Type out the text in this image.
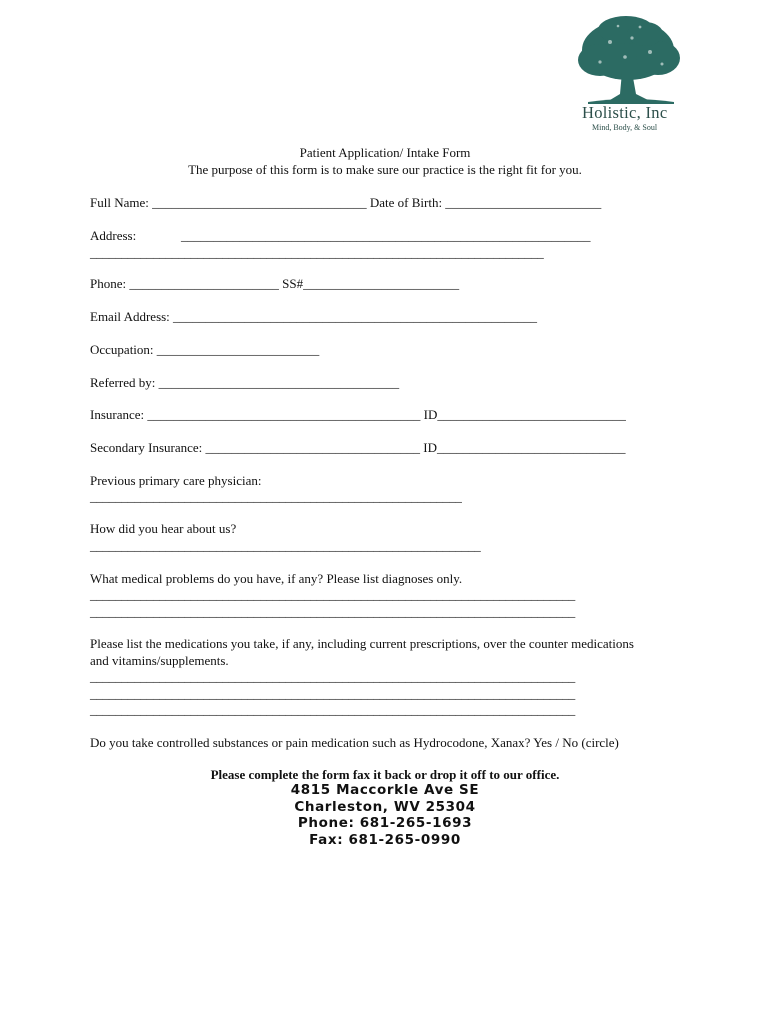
Holistic, Inc
Mind, Body, & Soul
Patient Application/ Intake Form
The purpose of this form is to make sure our practice is the right fit for you.
Full Name: _________________________________ Date of Birth: ________________________
Address:	_______________________________________________________________
________________________________________________________________________
Phone: _______________________ SS#________________________
Email Address: ________________________________________________________
Occupation: _________________________
Referred by: _____________________________________
Insurance: __________________________________________ ID_____________________________
Secondary Insurance: _________________________________ ID_____________________________
Previous primary care physician:
___________________________________________________________
How did you hear about us?
______________________________________________________________
What medical problems do you have, if any? Please list diagnoses only.
_____________________________________________________________________________
_____________________________________________________________________________
Please list the medications you take, if any, including current prescriptions, over the counter medications
and vitamins/supplements.
_____________________________________________________________________________
_____________________________________________________________________________
_____________________________________________________________________________
Do you take controlled substances or pain medication such as Hydrocodone, Xanax? Yes / No (circle)
Please complete the form fax it back or drop it off to our office.
4815 Maccorkle Ave SE
Charleston, WV 25304
Phone: 681-265-1693
Fax: 681-265-0990
